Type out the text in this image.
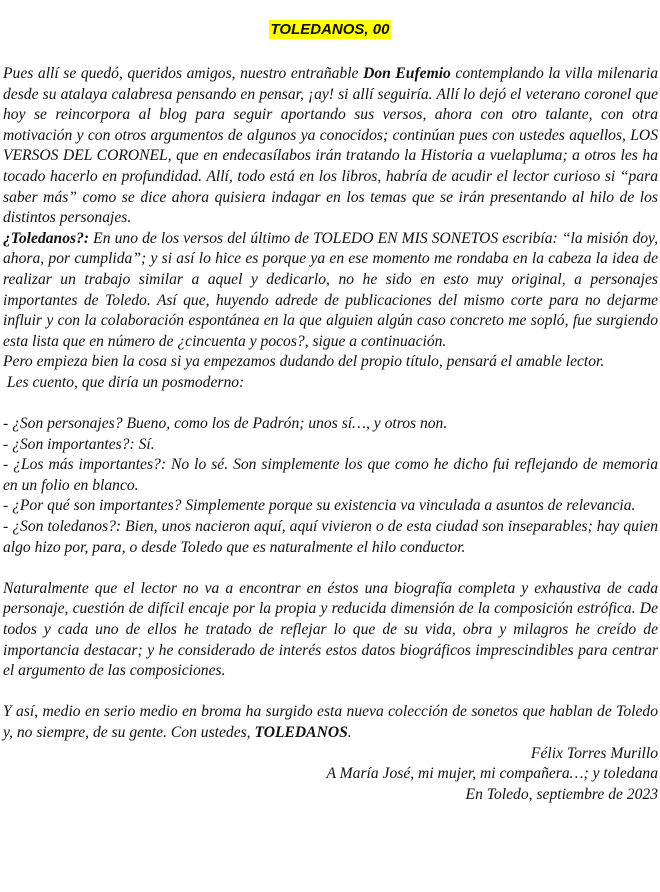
TOLEDANOS, 00

Pues allí se quedó, queridos amigos, nuestro entrañable Don Eufemio contemplando la villa milenaria desde su atalaya calabresa pensando en pensar, ¡ay! si allí seguiría. Allí lo dejó el veterano coronel que hoy se reincorpora al blog para seguir aportando sus versos, ahora con otro talante, con otra motivación y con otros argumentos de algunos ya conocidos; continúan pues con ustedes aquellos, LOS VERSOS DEL CORONEL, que en endecasílabos irán tratando la Historia a vuelapluma; a otros les ha tocado hacerlo en profundidad. Allí, todo está en los libros, habría de acudir el lector curioso si “para saber más” como se dice ahora quisiera indagar en los temas que se irán presentando al hilo de los distintos personajes.

¿Toledanos?: En uno de los versos del último de TOLEDO EN MIS SONETOS escribía: “la misión doy, ahora, por cumplida”; y si así lo hice es porque ya en ese momento me rondaba en la cabeza la idea de realizar un trabajo similar a aquel y dedicarlo, no he sido en esto muy original, a personajes importantes de Toledo. Así que, huyendo adrede de publicaciones del mismo corte para no dejarme influir y con la colaboración espontánea en la que alguien algún caso concreto me sopló, fue surgiendo esta lista que en número de ¿cincuenta y pocos?, sigue a continuación.

Pero empieza bien la cosa si ya empezamos dudando del propio título, pensará el amable lector.

Les cuento, que diría un posmoderno:

- ¿Son personajes? Bueno, como los de Padrón; unos sí…, y otros non.

- ¿Son importantes?: Sí.

- ¿Los más importantes?: No lo sé. Son simplemente los que como he dicho fui reflejando de memoria en un folio en blanco.

- ¿Por qué son importantes? Simplemente porque su existencia va vinculada a asuntos de relevancia.

- ¿Son toledanos?: Bien, unos nacieron aquí, aquí vivieron o de esta ciudad son inseparables; hay quien algo hizo por, para, o desde Toledo que es naturalmente el hilo conductor.

Naturalmente que el lector no va a encontrar en éstos una biografía completa y exhaustiva de cada personaje, cuestión de difícil encaje por la propia y reducida dimensión de la composición estrófica. De todos y cada uno de ellos he tratado de reflejar lo que de su vida, obra y milagros he creído de importancia destacar; y he considerado de interés estos datos biográficos imprescindibles para centrar el argumento de las composiciones.

Y así, medio en serio medio en broma ha surgido esta nueva colección de sonetos que hablan de Toledo y, no siempre, de su gente. Con ustedes, TOLEDANOS.

Félix Torres Murillo

A María José, mi mujer, mi compañera…; y toledana

En Toledo, septiembre de 2023
